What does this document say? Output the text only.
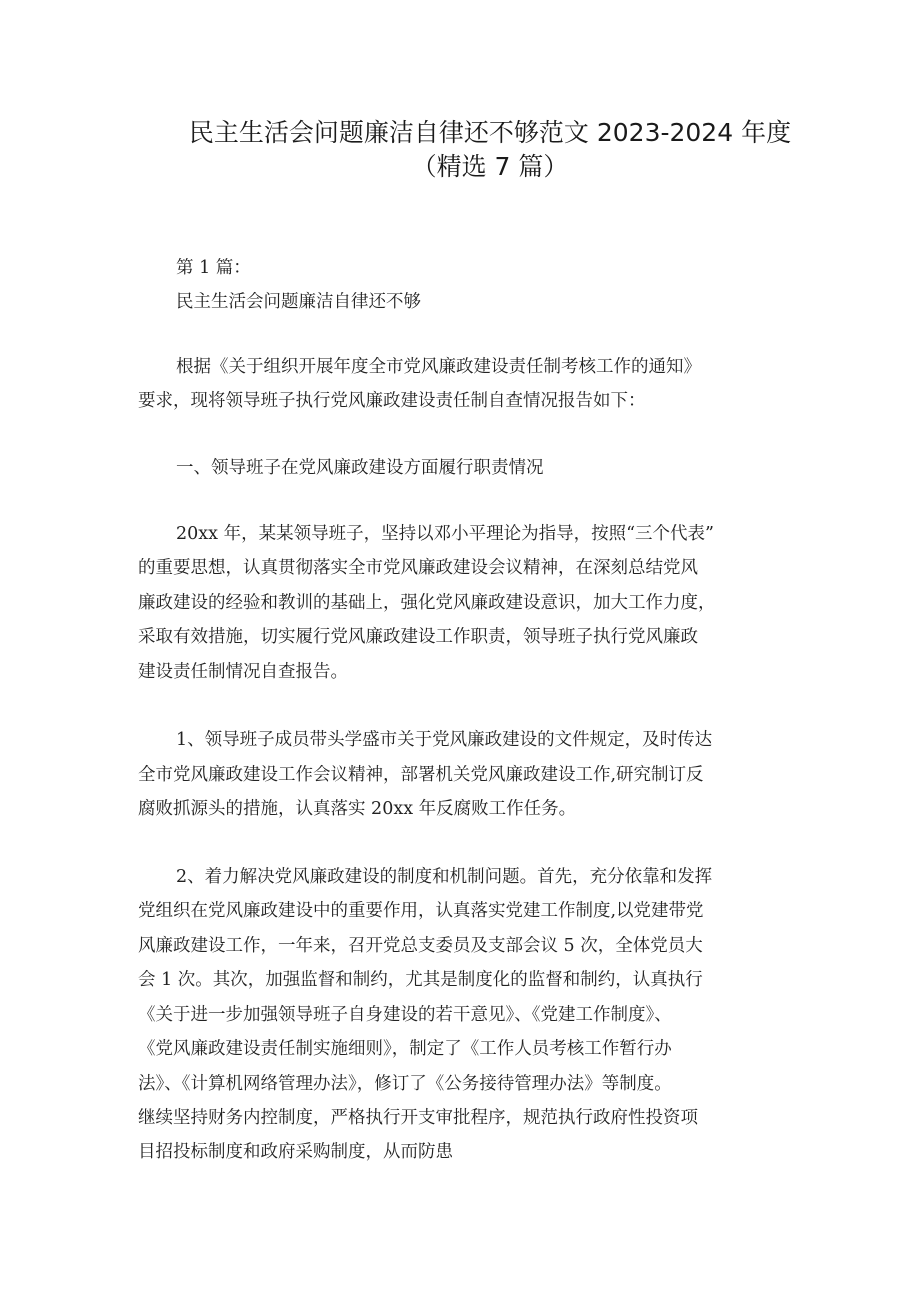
民主生活会问题廉洁自律还不够范文 2023-2024 年度
（精选 7 篇）
第 1 篇：
民主生活会问题廉洁自律还不够
根据《关于组织开展年度全市党风廉政建设责任制考核工作的通知》
要求，现将领导班子执行党风廉政建设责任制自查情况报告如下：
一、领导班子在党风廉政建设方面履行职责情况
20xx 年，某某领导班子，坚持以邓小平理论为指导，按照“三个代表”
的重要思想，认真贯彻落实全市党风廉政建设会议精神，在深刻总结党风
廉政建设的经验和教训的基础上，强化党风廉政建设意识，加大工作力度，
采取有效措施，切实履行党风廉政建设工作职责，领导班子执行党风廉政
建设责任制情况自查报告。
1、领导班子成员带头学盛市关于党风廉政建设的文件规定，及时传达
全市党风廉政建设工作会议精神，部署机关党风廉政建设工作,研究制订反
腐败抓源头的措施，认真落实 20xx 年反腐败工作任务。
2、着力解决党风廉政建设的制度和机制问题。首先，充分依靠和发挥
党组织在党风廉政建设中的重要作用，认真落实党建工作制度,以党建带党
风廉政建设工作，一年来，召开党总支委员及支部会议 5 次，全体党员大
会 1 次。其次，加强监督和制约，尤其是制度化的监督和制约，认真执行
《关于进一步加强领导班子自身建设的若干意见》、《党建工作制度》、
《党风廉政建设责任制实施细则》，制定了《工作人员考核工作暂行办
法》、《计算机网络管理办法》，修订了《公务接待管理办法》等制度。
继续坚持财务内控制度，严格执行开支审批程序，规范执行政府性投资项
目招投标制度和政府采购制度，从而防患
